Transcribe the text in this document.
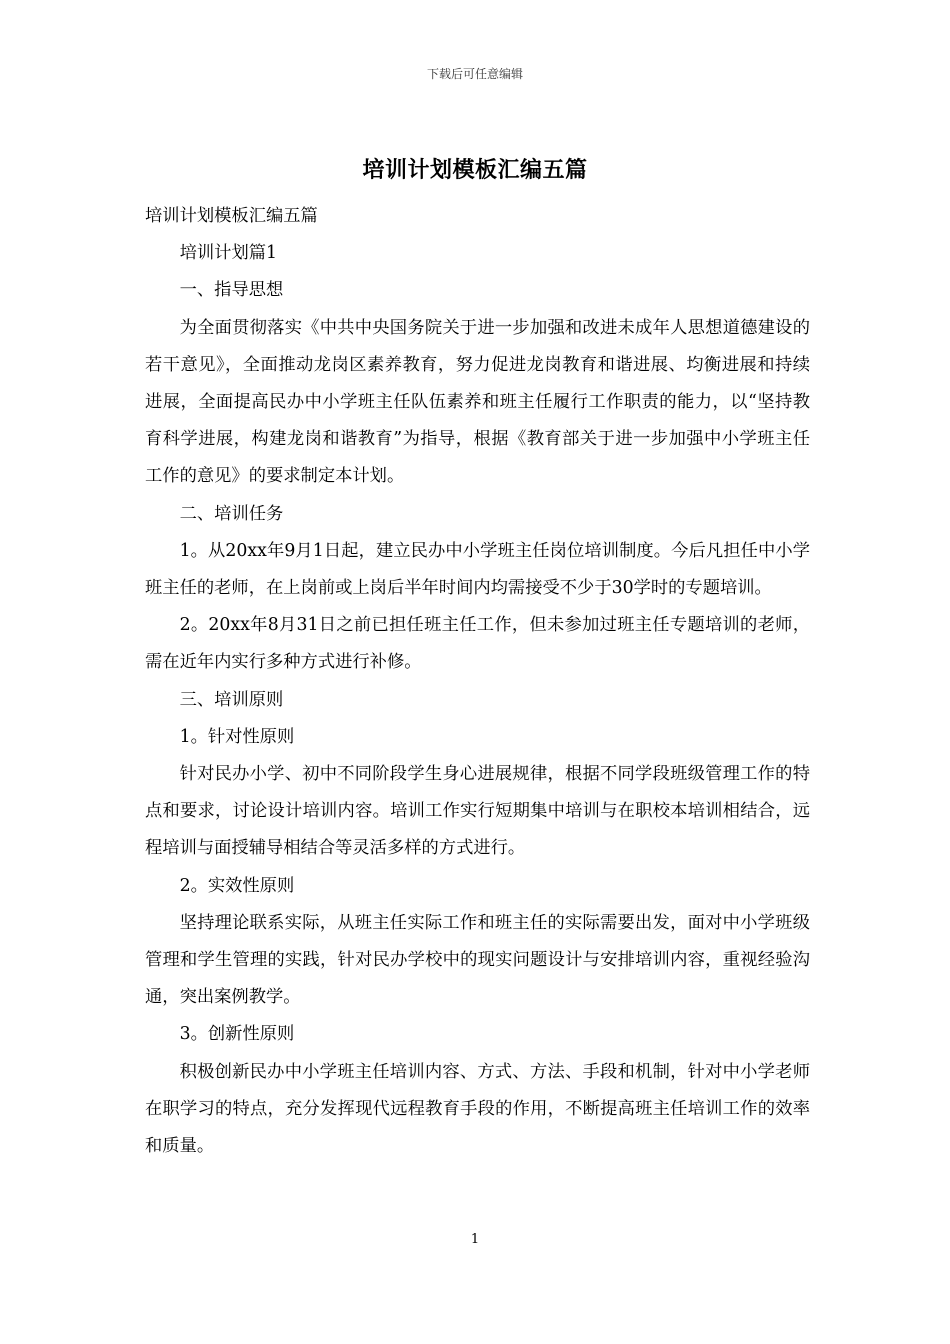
下载后可任意编辑
培训计划模板汇编五篇

培训计划模板汇编五篇

培训计划篇1

一、指导思想

为全面贯彻落实《中共中央国务院关于进一步加强和改进未成年人思想道德建设的若干意见》，全面推动龙岗区素养教育，努力促进龙岗教育和谐进展、均衡进展和持续进展，全面提高民办中小学班主任队伍素养和班主任履行工作职责的能力，以“坚持教育科学进展，构建龙岗和谐教育”为指导，根据《教育部关于进一步加强中小学班主任工作的意见》的要求制定本计划。

二、培训任务

1。从20xx年9月1日起，建立民办中小学班主任岗位培训制度。今后凡担任中小学班主任的老师，在上岗前或上岗后半年时间内均需接受不少于30学时的专题培训。

2。20xx年8月31日之前已担任班主任工作，但未参加过班主任专题培训的老师，需在近年内实行多种方式进行补修。

三、培训原则

1。针对性原则

针对民办小学、初中不同阶段学生身心进展规律，根据不同学段班级管理工作的特点和要求，讨论设计培训内容。培训工作实行短期集中培训与在职校本培训相结合，远程培训与面授辅导相结合等灵活多样的方式进行。

2。实效性原则

坚持理论联系实际，从班主任实际工作和班主任的实际需要出发，面对中小学班级管理和学生管理的实践，针对民办学校中的现实问题设计与安排培训内容，重视经验沟通，突出案例教学。

3。创新性原则

积极创新民办中小学班主任培训内容、方式、方法、手段和机制，针对中小学老师在职学习的特点，充分发挥现代远程教育手段的作用，不断提高班主任培训工作的效率和质量。

1
